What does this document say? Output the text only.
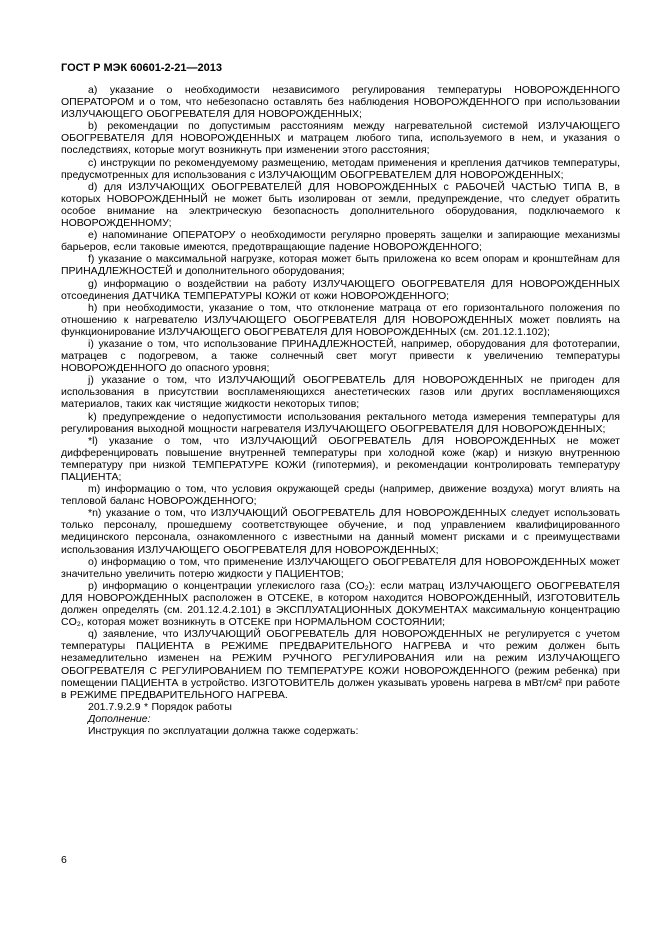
ГОСТ Р МЭК 60601-2-21—2013

a) указание о необходимости независимого регулирования температуры НОВОРОЖДЕННОГО ОПЕРАТОРОМ и о том, что небезопасно оставлять без наблюдения НОВОРОЖДЕННОГО при использовании ИЗЛУЧАЮЩЕГО ОБОГРЕВАТЕЛЯ ДЛЯ НОВОРОЖДЕННЫХ;

b) рекомендации по допустимым расстояниям между нагревательной системой ИЗЛУЧАЮЩЕГО ОБОГРЕВАТЕЛЯ ДЛЯ НОВОРОЖДЕННЫХ и матрацем любого типа, используемого в нем, и указания о последствиях, которые могут возникнуть при изменении этого расстояния;

c) инструкции по рекомендуемому размещению, методам применения и крепления датчиков температуры, предусмотренных для использования с ИЗЛУЧАЮЩИМ ОБОГРЕВАТЕЛЕМ ДЛЯ НОВОРОЖДЕННЫХ;

d) для ИЗЛУЧАЮЩИХ ОБОГРЕВАТЕЛЕЙ ДЛЯ НОВОРОЖДЕННЫХ с РАБОЧЕЙ ЧАСТЬЮ ТИПА В, в которых НОВОРОЖДЕННЫЙ не может быть изолирован от земли, предупреждение, что следует обратить особое внимание на электрическую безопасность дополнительного оборудования, подключаемого к НОВОРОЖДЕННОМУ;

e) напоминание ОПЕРАТОРУ о необходимости регулярно проверять защелки и запирающие механизмы барьеров, если таковые имеются, предотвращающие падение НОВОРОЖДЕННОГО;

f) указание о максимальной нагрузке, которая может быть приложена ко всем опорам и кронштейнам для ПРИНАДЛЕЖНОСТЕЙ и дополнительного оборудования;

g) информацию о воздействии на работу ИЗЛУЧАЮЩЕГО ОБОГРЕВАТЕЛЯ ДЛЯ НОВОРОЖДЕННЫХ отсоединения ДАТЧИКА ТЕМПЕРАТУРЫ КОЖИ от кожи НОВОРОЖДЕННОГО;

h) при необходимости, указание о том, что отклонение матраца от его горизонтального положения по отношению к нагревателю ИЗЛУЧАЮЩЕГО ОБОГРЕВАТЕЛЯ ДЛЯ НОВОРОЖДЕННЫХ может повлиять на функционирование ИЗЛУЧАЮЩЕГО ОБОГРЕВАТЕЛЯ ДЛЯ НОВОРОЖДЕННЫХ (см. 201.12.1.102);

i) указание о том, что использование ПРИНАДЛЕЖНОСТЕЙ, например, оборудования для фототерапии, матрацев с подогревом, а также солнечный свет могут привести к увеличению температуры НОВОРОЖДЕННОГО до опасного уровня;

j) указание о том, что ИЗЛУЧАЮЩИЙ ОБОГРЕВАТЕЛЬ ДЛЯ НОВОРОЖДЕННЫХ не пригоден для использования в присутствии воспламеняющихся анестетических газов или других воспламеняющихся материалов, таких как чистящие жидкости некоторых типов;

k) предупреждение о недопустимости использования ректального метода измерения температуры для регулирования выходной мощности нагревателя ИЗЛУЧАЮЩЕГО ОБОГРЕВАТЕЛЯ ДЛЯ НОВОРОЖДЕННЫХ;

*l) указание о том, что ИЗЛУЧАЮЩИЙ ОБОГРЕВАТЕЛЬ ДЛЯ НОВОРОЖДЕННЫХ не может дифференцировать повышение внутренней температуры при холодной коже (жар) и низкую внутреннюю температуру при низкой ТЕМПЕРАТУРЕ КОЖИ (гипотермия), и рекомендации контролировать температуру ПАЦИЕНТА;

m) информацию о том, что условия окружающей среды (например, движение воздуха) могут влиять на тепловой баланс НОВОРОЖДЕННОГО;

*n) указание о том, что ИЗЛУЧАЮЩИЙ ОБОГРЕВАТЕЛЬ ДЛЯ НОВОРОЖДЕННЫХ следует использовать только персоналу, прошедшему соответствующее обучение, и под управлением квалифицированного медицинского персонала, ознакомленного с известными на данный момент рисками и с преимуществами использования ИЗЛУЧАЮЩЕГО ОБОГРЕВАТЕЛЯ ДЛЯ НОВОРОЖДЕННЫХ;

o) информацию о том, что применение ИЗЛУЧАЮЩЕГО ОБОГРЕВАТЕЛЯ ДЛЯ НОВОРОЖДЕННЫХ может значительно увеличить потерю жидкости у ПАЦИЕНТОВ;

p) информацию о концентрации углекислого газа (CO₂): если матрац ИЗЛУЧАЮЩЕГО ОБОГРЕВАТЕЛЯ ДЛЯ НОВОРОЖДЕННЫХ расположен в ОТСЕКЕ, в котором находится НОВОРОЖДЕННЫЙ, ИЗГОТОВИТЕЛЬ должен определять (см. 201.12.4.2.101) в ЭКСПЛУАТАЦИОННЫХ ДОКУМЕНТАХ максимальную концентрацию CO₂, которая может возникнуть в ОТСЕКЕ при НОРМАЛЬНОМ СОСТОЯНИИ;

q) заявление, что ИЗЛУЧАЮЩИЙ ОБОГРЕВАТЕЛЬ ДЛЯ НОВОРОЖДЕННЫХ не регулируется с учетом температуры ПАЦИЕНТА в РЕЖИМЕ ПРЕДВАРИТЕЛЬНОГО НАГРЕВА и что режим должен быть незамедлительно изменен на РЕЖИМ РУЧНОГО РЕГУЛИРОВАНИЯ или на режим ИЗЛУЧАЮЩЕГО ОБОГРЕВАТЕЛЯ С РЕГУЛИРОВАНИЕМ ПО ТЕМПЕРАТУРЕ КОЖИ НОВОРОЖДЕННОГО (режим ребенка) при помещении ПАЦИЕНТА в устройство. ИЗГОТОВИТЕЛЬ должен указывать уровень нагрева в мВт/см² при работе в РЕЖИМЕ ПРЕДВАРИТЕЛЬНОГО НАГРЕВА.

201.7.9.2.9 * Порядок работы

Дополнение:

Инструкция по эксплуатации должна также содержать:

6
